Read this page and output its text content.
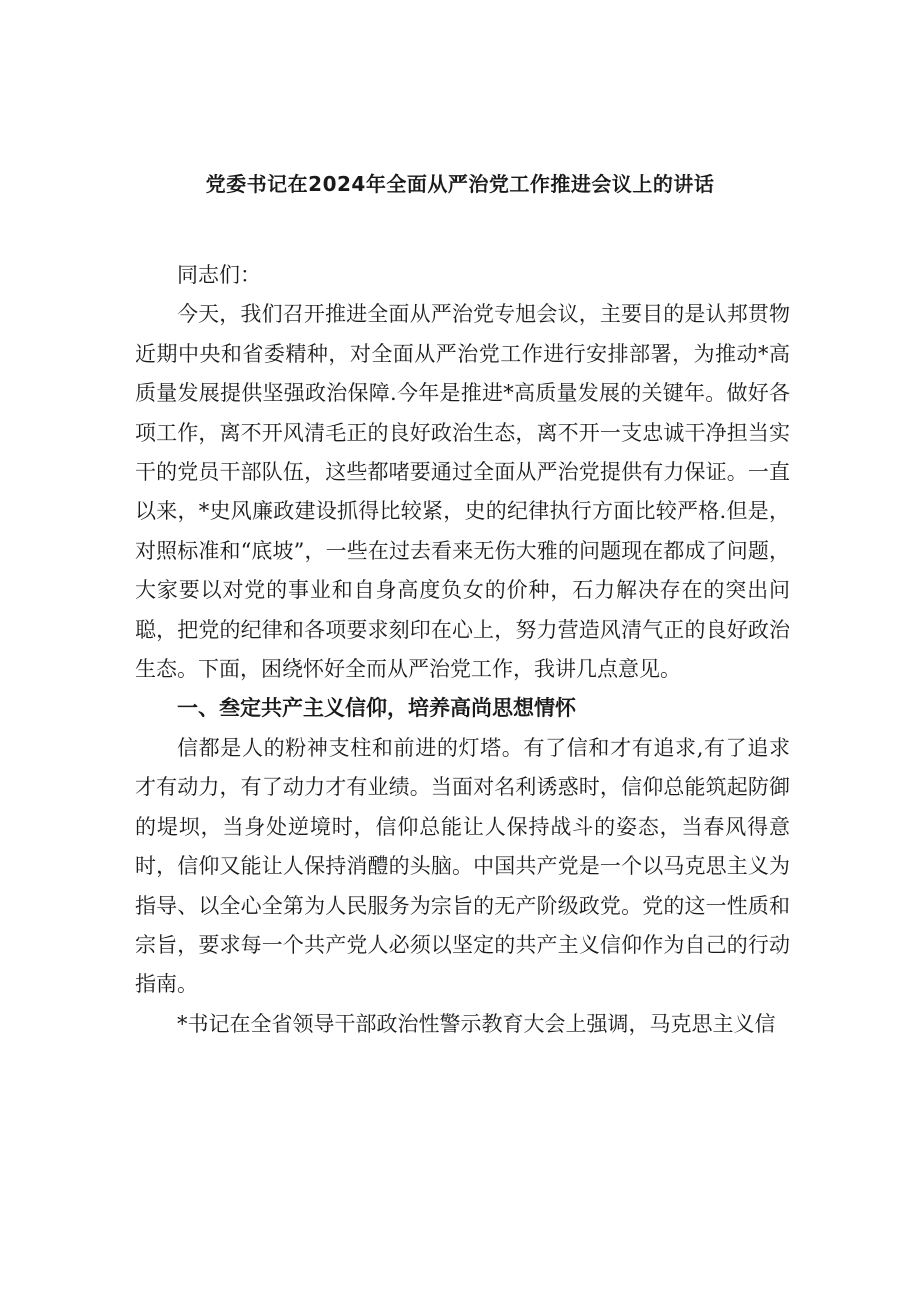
党委书记在2024年全面从严治党工作推进会议上的讲话

同志们：

今天，我们召开推进全面从严治党专旭会议，主要目的是认邦贯物近期中央和省委精种，对全面从严治党工作进行安排部署，为推动*高质量发展提供坚强政治保障.今年是推进*高质量发展的关键年。做好各项工作，离不开风清毛正的良好政治生态，离不开一支忠诚干净担当实干的党员干部队伍，这些都啫要通过全面从严治党提供有力保证。一直以来，*史风廉政建设抓得比较紧，史的纪律执行方面比较严格.但是，对照标准和“底坡”，一些在过去看来无伤大雅的问题现在都成了问题，大家要以对党的事业和自身高度负女的价种，石力解决存在的突出问聪，把党的纪律和各项要求刻印在心上，努力营造风清气正的良好政治生态。下面，困绕怀好全而从严治党工作，我讲几点意见。

一、叁定共产主义信仰，培养高尚思想情怀

信都是人的粉神支柱和前进的灯塔。有了信和才有追求,有了追求才有动力，有了动力才有业绩。当面对名利诱惑时，信仰总能筑起防御的堤坝，当身处逆境时，信仰总能让人保持战斗的姿态，当春风得意时，信仰又能让人保持消醴的头脑。中国共产党是一个以马克思主义为指导、以全心全第为人民服务为宗旨的无产阶级政党。党的这一性质和宗旨，要求每一个共产党人必须以坚定的共产主义信仰作为自己的行动指南。

*书记在全省领导干部政治性警示教育大会上强调，马克思主义信
